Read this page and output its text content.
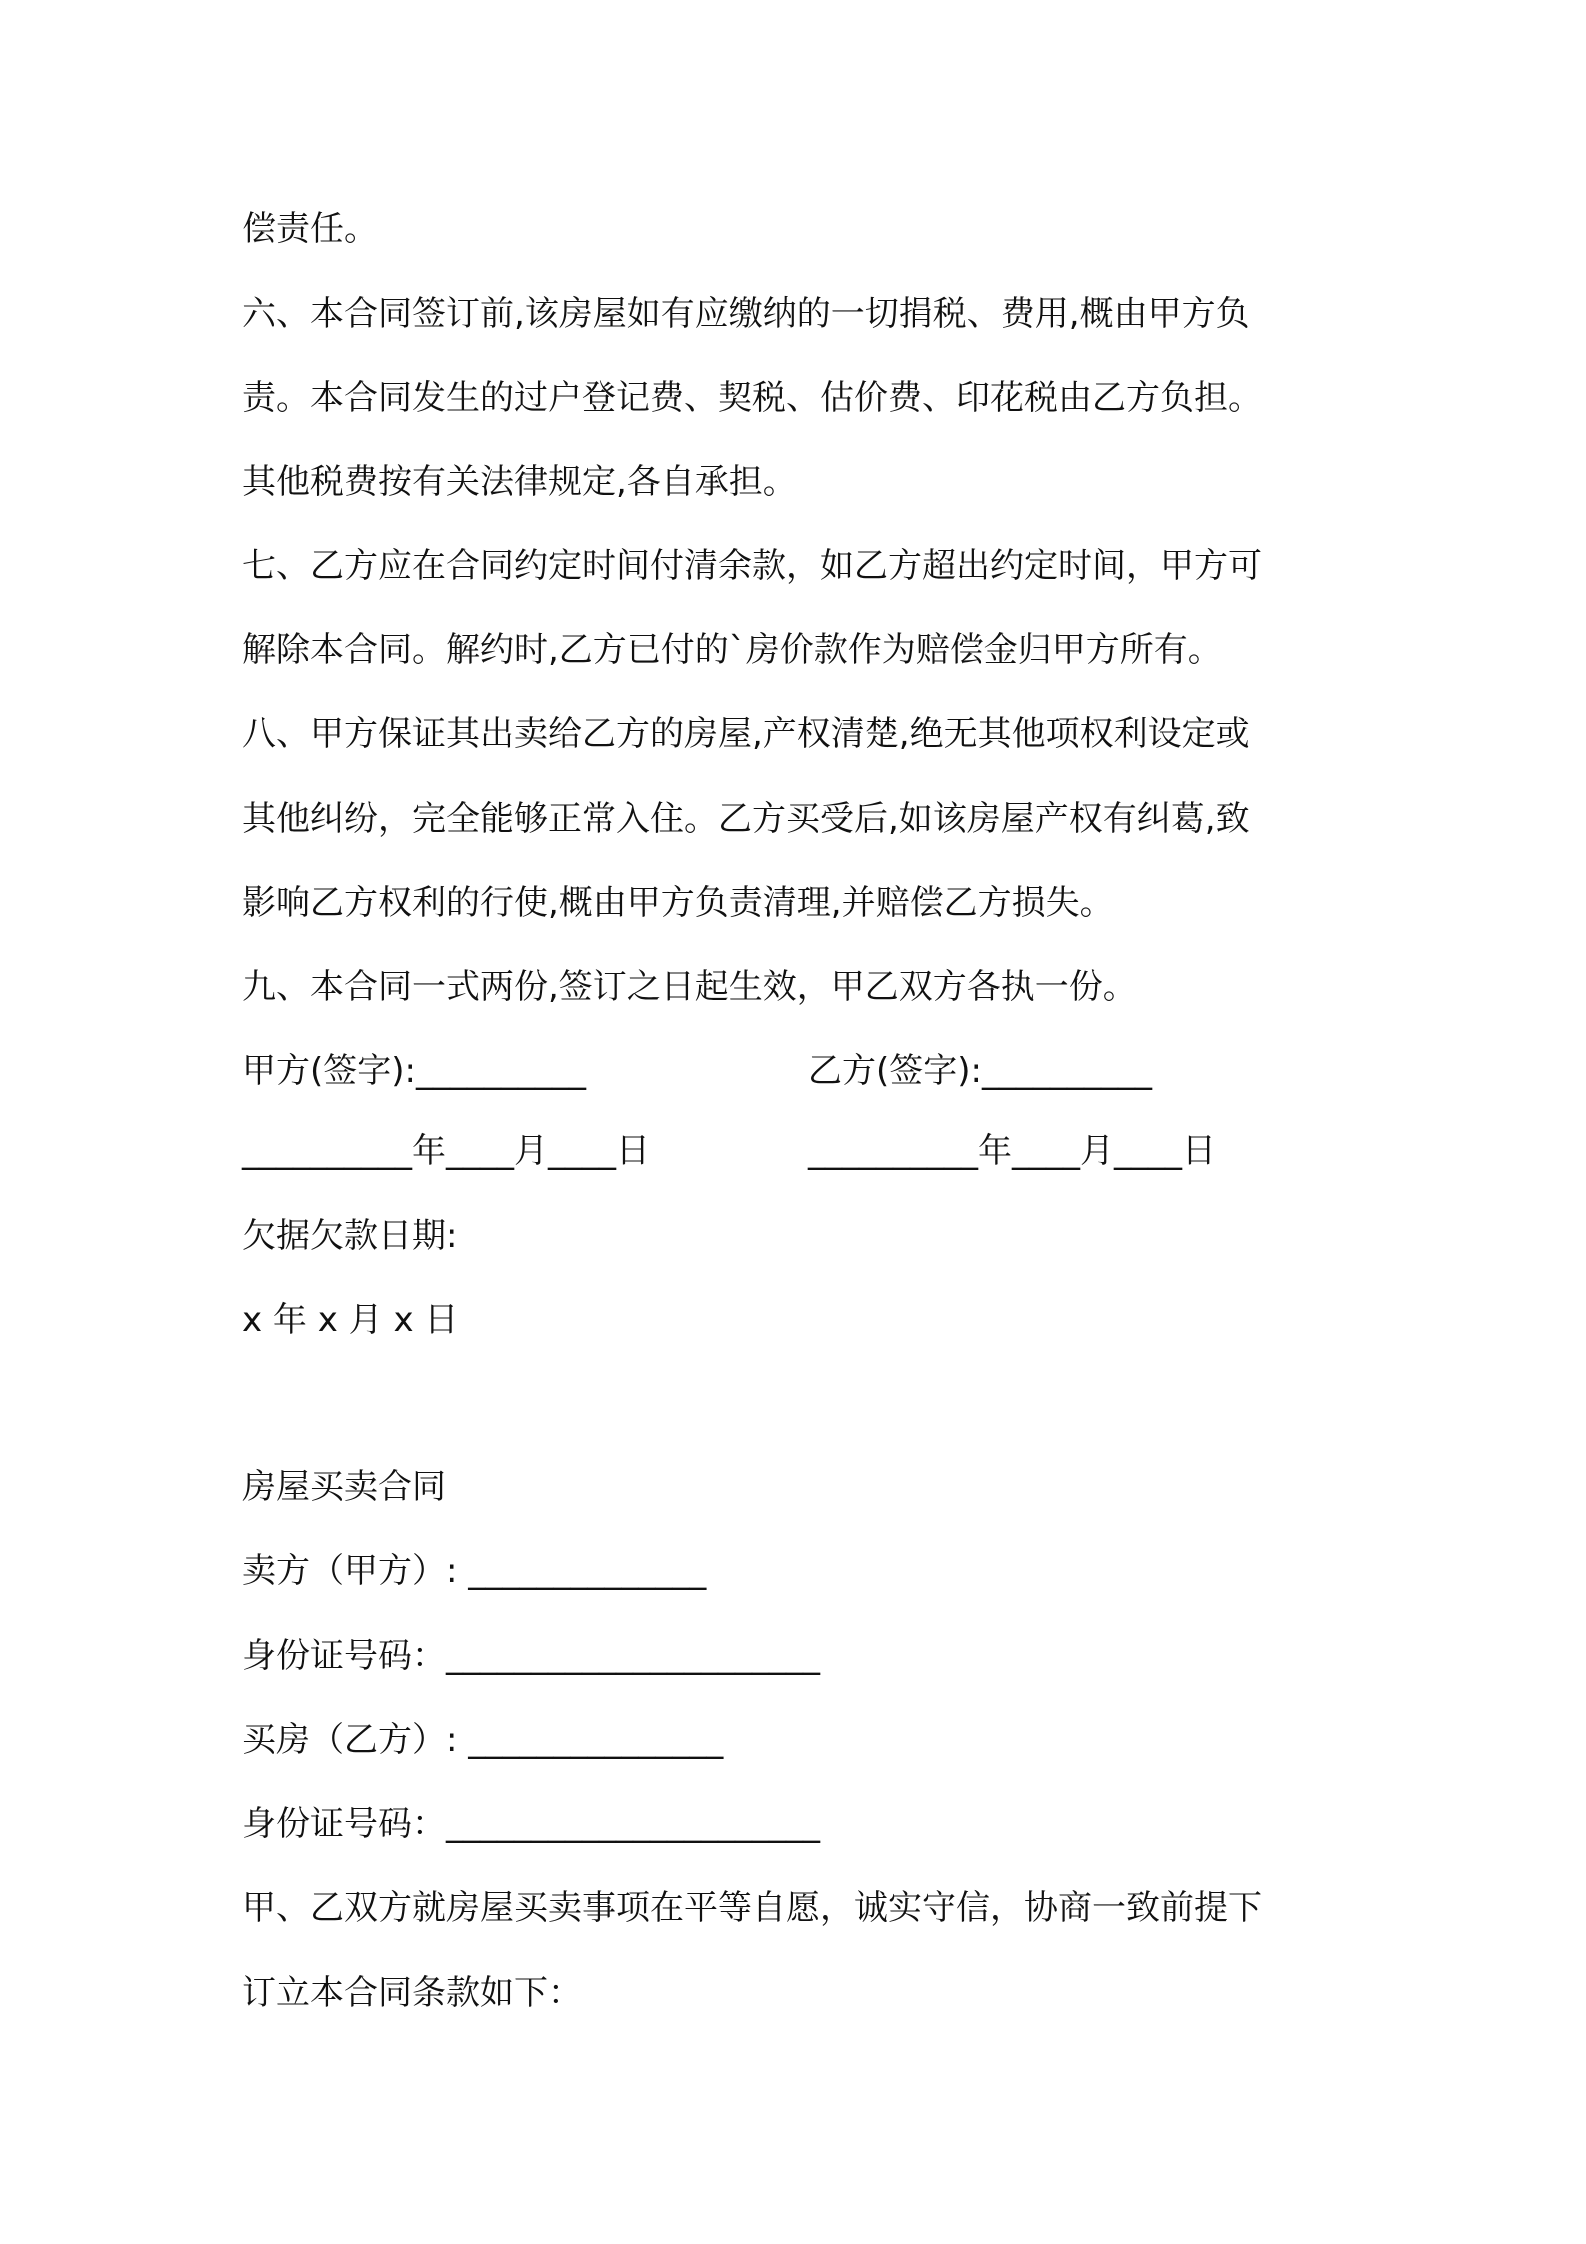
偿责任。
六、本合同签订前,该房屋如有应缴纳的一切捐税、费用,概由甲方负
责。本合同发生的过户登记费、契税、估价费、印花税由乙方负担。
其他税费按有关法律规定,各自承担。
七、乙方应在合同约定时间付清余款，如乙方超出约定时间，甲方可
解除本合同。解约时,乙方已付的`房价款作为赔偿金归甲方所有。
八、甲方保证其出卖给乙方的房屋,产权清楚,绝无其他项权利设定或
其他纠纷，完全能够正常入住。乙方买受后,如该房屋产权有纠葛,致
影响乙方权利的行使,概由甲方负责清理,并赔偿乙方损失。
九、本合同一式两份,签订之日起生效，甲乙双方各执一份。
甲方(签字):__________	乙方(签字):__________
__________年____月____日	__________年____月____日
欠据欠款日期:
x 年 x 月 x 日
房屋买卖合同
卖方（甲方）: ______________
身份证号码：______________________
买房（乙方）: _______________
身份证号码：______________________
甲、乙双方就房屋买卖事项在平等自愿，诚实守信，协商一致前提下
订立本合同条款如下：
